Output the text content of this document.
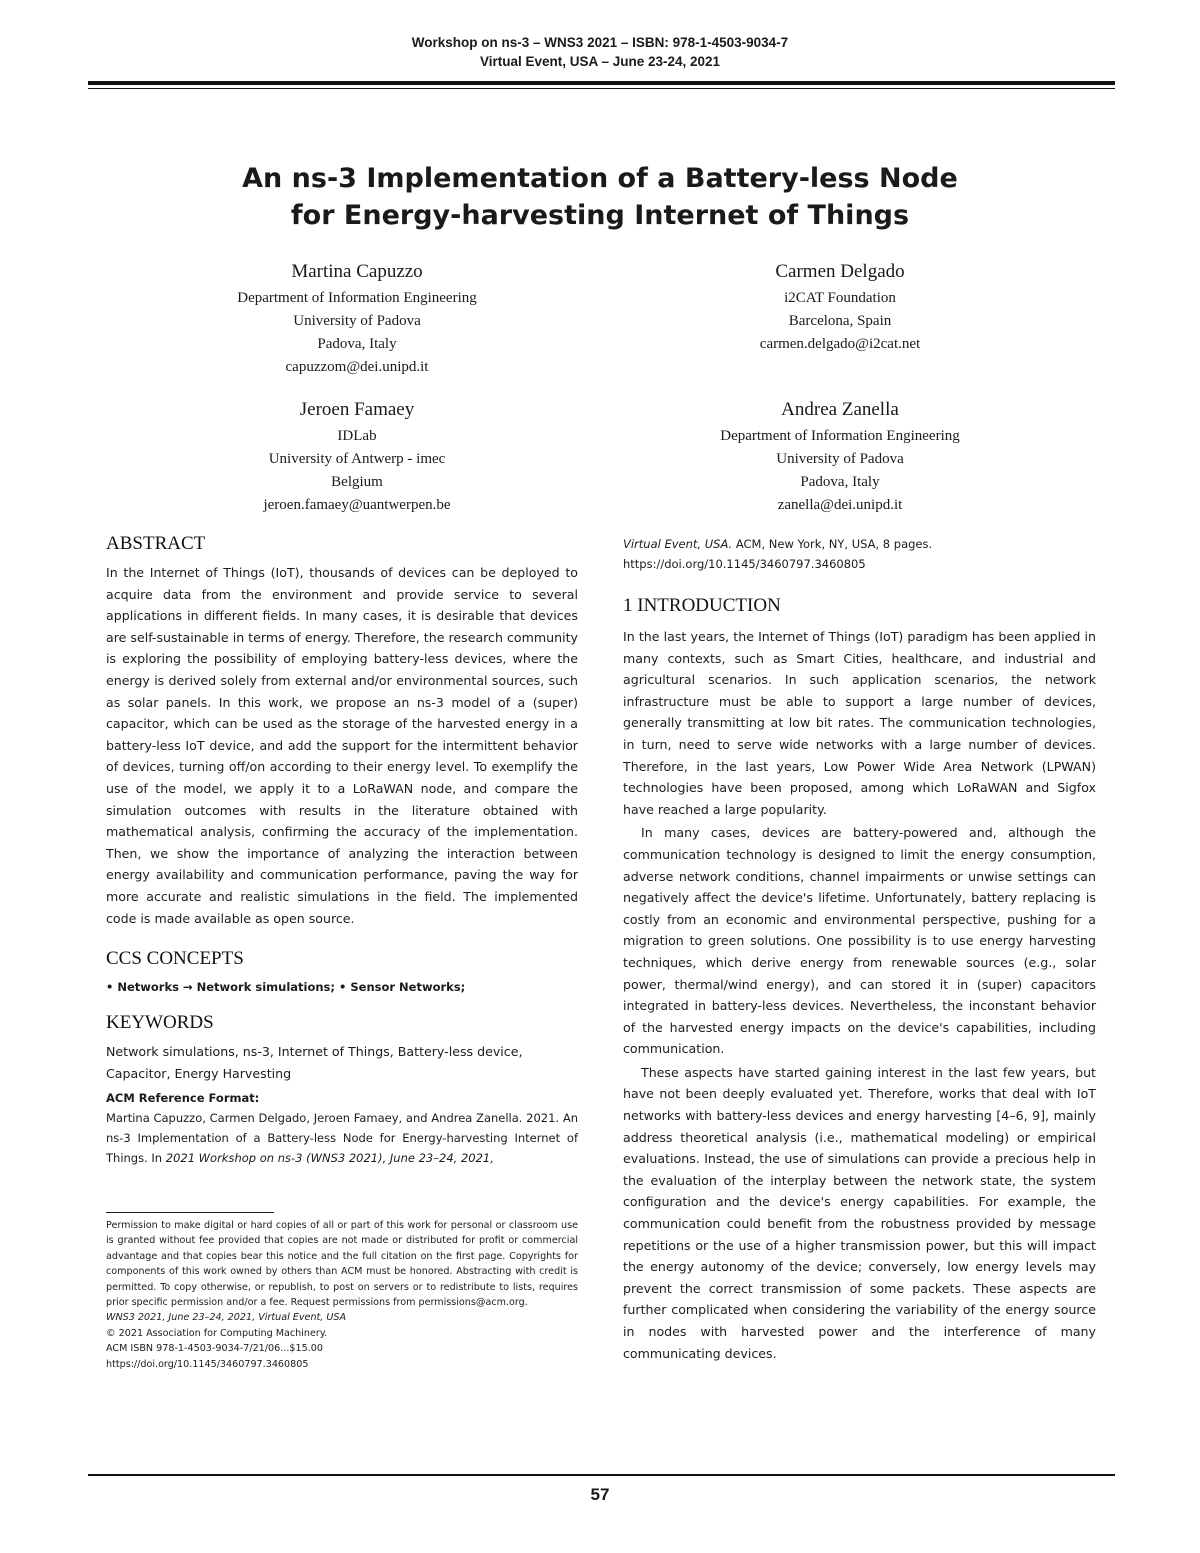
Workshop on ns-3 – WNS3 2021 – ISBN: 978-1-4503-9034-7
Virtual Event, USA – June 23-24, 2021
An ns-3 Implementation of a Battery-less Node
for Energy-harvesting Internet of Things
Martina Capuzzo
Department of Information Engineering
University of Padova
Padova, Italy
capuzzom@dei.unipd.it
Carmen Delgado
i2CAT Foundation
Barcelona, Spain
carmen.delgado@i2cat.net
Jeroen Famaey
IDLab
University of Antwerp - imec
Belgium
jeroen.famaey@uantwerpen.be
Andrea Zanella
Department of Information Engineering
University of Padova
Padova, Italy
zanella@dei.unipd.it
ABSTRACT

In the Internet of Things (IoT), thousands of devices can be deployed to acquire data from the environment and provide service to several applications in different fields. In many cases, it is desirable that devices are self-sustainable in terms of energy. Therefore, the research community is exploring the possibility of employing battery-less devices, where the energy is derived solely from external and/or environmental sources, such as solar panels. In this work, we propose an ns-3 model of a (super) capacitor, which can be used as the storage of the harvested energy in a battery-less IoT device, and add the support for the intermittent behavior of devices, turning off/on according to their energy level. To exemplify the use of the model, we apply it to a LoRaWAN node, and compare the simulation outcomes with results in the literature obtained with mathematical analysis, confirming the accuracy of the implementation. Then, we show the importance of analyzing the interaction between energy availability and communication performance, paving the way for more accurate and realistic simulations in the field. The implemented code is made available as open source.

CCS CONCEPTS

• Networks → Network simulations; • Sensor Networks;

KEYWORDS

Network simulations, ns-3, Internet of Things, Battery-less device, Capacitor, Energy Harvesting

ACM Reference Format:

Martina Capuzzo, Carmen Delgado, Jeroen Famaey, and Andrea Zanella. 2021. An ns-3 Implementation of a Battery-less Node for Energy-harvesting Internet of Things. In 2021 Workshop on ns-3 (WNS3 2021), June 23–24, 2021,

Permission to make digital or hard copies of all or part of this work for personal or classroom use is granted without fee provided that copies are not made or distributed for profit or commercial advantage and that copies bear this notice and the full citation on the first page. Copyrights for components of this work owned by others than ACM must be honored. Abstracting with credit is permitted. To copy otherwise, or republish, to post on servers or to redistribute to lists, requires prior specific permission and/or a fee. Request permissions from permissions@acm.org.

WNS3 2021, June 23–24, 2021, Virtual Event, USA
© 2021 Association for Computing Machinery.
ACM ISBN 978-1-4503-9034-7/21/06...$15.00
https://doi.org/10.1145/3460797.3460805

Virtual Event, USA. ACM, New York, NY, USA, 8 pages. https://doi.org/10.1145/3460797.3460805

1 INTRODUCTION

In the last years, the Internet of Things (IoT) paradigm has been applied in many contexts, such as Smart Cities, healthcare, and industrial and agricultural scenarios. In such application scenarios, the network infrastructure must be able to support a large number of devices, generally transmitting at low bit rates. The communication technologies, in turn, need to serve wide networks with a large number of devices. Therefore, in the last years, Low Power Wide Area Network (LPWAN) technologies have been proposed, among which LoRaWAN and Sigfox have reached a large popularity.

In many cases, devices are battery-powered and, although the communication technology is designed to limit the energy consumption, adverse network conditions, channel impairments or unwise settings can negatively affect the device's lifetime. Unfortunately, battery replacing is costly from an economic and environmental perspective, pushing for a migration to green solutions. One possibility is to use energy harvesting techniques, which derive energy from renewable sources (e.g., solar power, thermal/wind energy), and can stored it in (super) capacitors integrated in battery-less devices. Nevertheless, the inconstant behavior of the harvested energy impacts on the device's capabilities, including communication.

These aspects have started gaining interest in the last few years, but have not been deeply evaluated yet. Therefore, works that deal with IoT networks with battery-less devices and energy harvesting [4–6, 9], mainly address theoretical analysis (i.e., mathematical modeling) or empirical evaluations. Instead, the use of simulations can provide a precious help in the evaluation of the interplay between the network state, the system configuration and the device's energy capabilities. For example, the communication could benefit from the robustness provided by message repetitions or the use of a higher transmission power, but this will impact the energy autonomy of the device; conversely, low energy levels may prevent the correct transmission of some packets. These aspects are further complicated when considering the variability of the energy source in nodes with harvested power and the interference of many communicating devices.

57
